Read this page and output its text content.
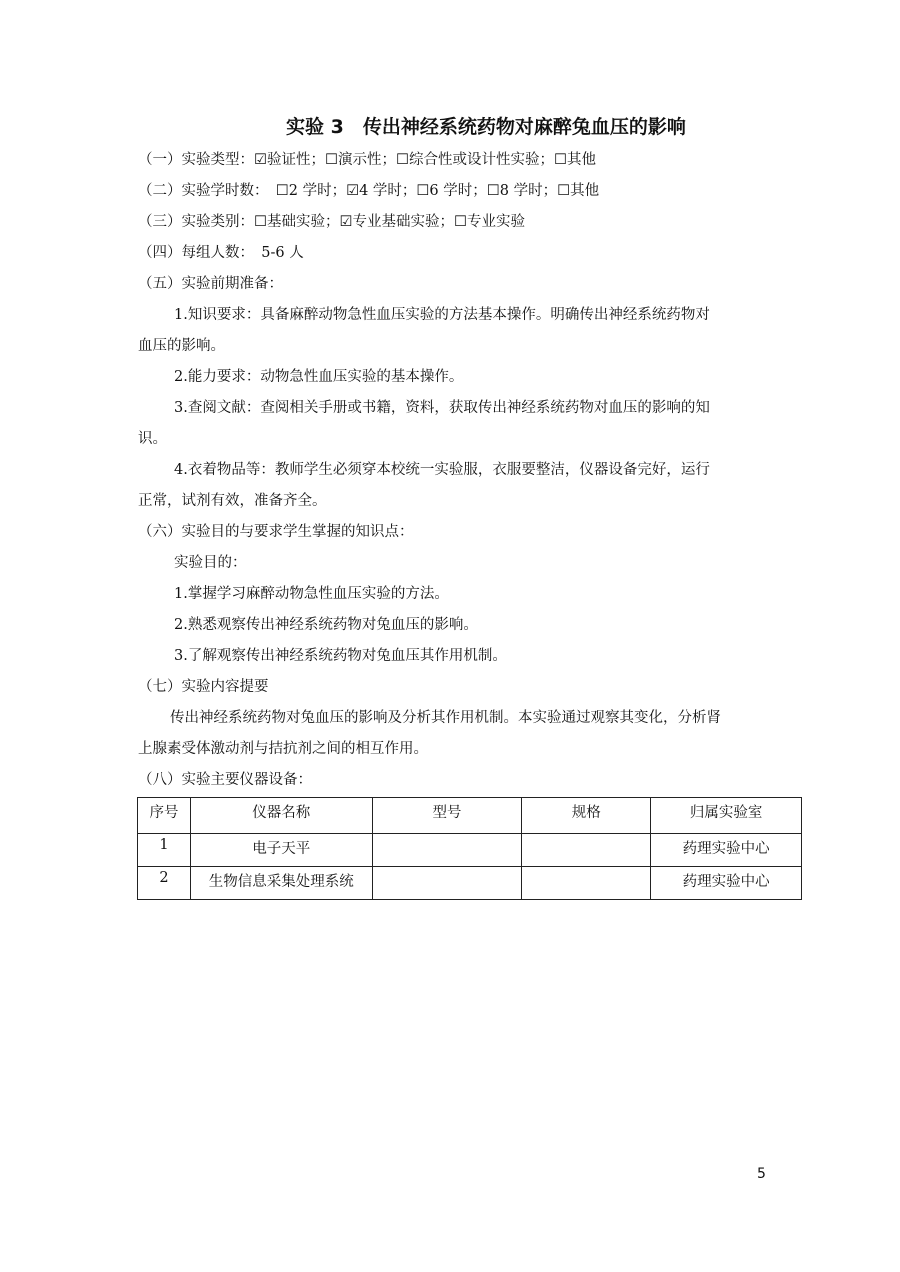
实验 3　传出神经系统药物对麻醉兔血压的影响
（一）实验类型：☑验证性；☐演示性；☐综合性或设计性实验；☐其他
（二）实验学时数：　☐2 学时；☑4 学时；☐6 学时；☐8 学时；☐其他
（三）实验类别：☐基础实验；☑专业基础实验；☐专业实验
（四）每组人数：　5-6 人
（五）实验前期准备：
1.知识要求：具备麻醉动物急性血压实验的方法基本操作。明确传出神经系统药物对
血压的影响。
2.能力要求：动物急性血压实验的基本操作。
3.查阅文献：查阅相关手册或书籍，资料，获取传出神经系统药物对血压的影响的知
识。
4.衣着物品等：教师学生必须穿本校统一实验服，衣服要整洁，仪器设备完好，运行
正常，试剂有效，准备齐全。
（六）实验目的与要求学生掌握的知识点：
实验目的：
1.掌握学习麻醉动物急性血压实验的方法。
2.熟悉观察传出神经系统药物对兔血压的影响。
3.了解观察传出神经系统药物对兔血压其作用机制。
（七）实验内容提要
传出神经系统药物对兔血压的影响及分析其作用机制。本实验通过观察其变化，分析肾
上腺素受体激动剂与拮抗剂之间的相互作用。
（八）实验主要仪器设备：
序号	仪器名称	型号	规格	归属实验室
1	电子天平			药理实验中心
2	生物信息采集处理系统			药理实验中心
5
